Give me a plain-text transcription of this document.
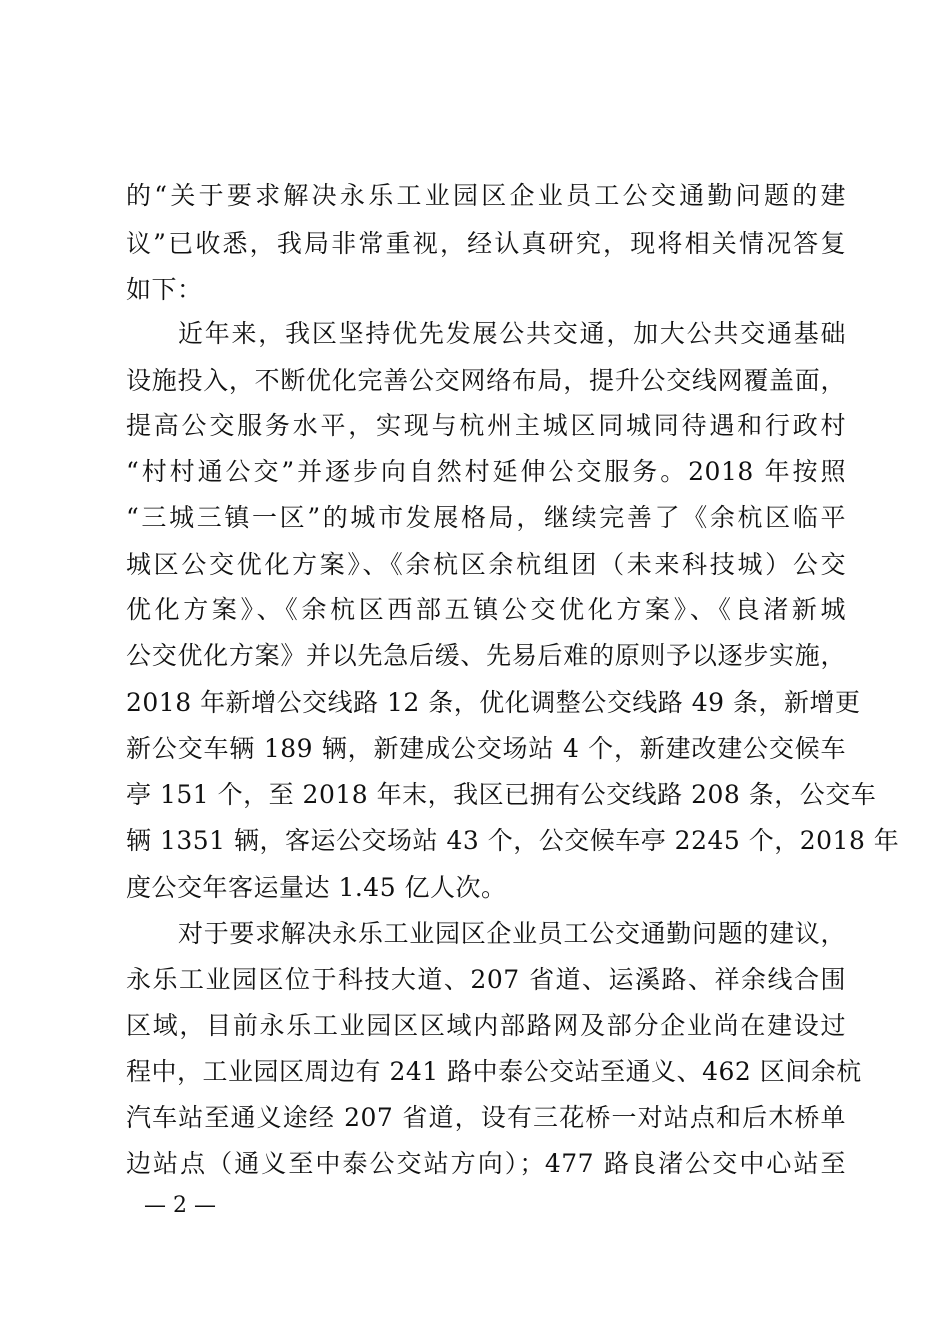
的“关于要求解决永乐工业园区企业员工公交通勤问题的建
议”已收悉，我局非常重视，经认真研究，现将相关情况答复
如下：
近年来，我区坚持优先发展公共交通，加大公共交通基础
设施投入，不断优化完善公交网络布局，提升公交线网覆盖面，
提高公交服务水平，实现与杭州主城区同城同待遇和行政村
“村村通公交”并逐步向自然村延伸公交服务。2018 年按照
“三城三镇一区”的城市发展格局，继续完善了《余杭区临平
城区公交优化方案》、《余杭区余杭组团（未来科技城）公交
优化方案》、《余杭区西部五镇公交优化方案》、《良渚新城
公交优化方案》并以先急后缓、先易后难的原则予以逐步实施，
2018 年新增公交线路 12 条，优化调整公交线路 49 条，新增更
新公交车辆 189 辆，新建成公交场站 4 个，新建改建公交候车
亭 151 个，至 2018 年末，我区已拥有公交线路 208 条，公交车
辆 1351 辆，客运公交场站 43 个，公交候车亭 2245 个，2018 年
度公交年客运量达 1.45 亿人次。
对于要求解决永乐工业园区企业员工公交通勤问题的建议，
永乐工业园区位于科技大道、207 省道、运溪路、祥余线合围
区域，目前永乐工业园区区域内部路网及部分企业尚在建设过
程中，工业园区周边有 241 路中泰公交站至通义、462 区间余杭
汽车站至通义途经 207 省道，设有三花桥一对站点和后木桥单
边站点（通义至中泰公交站方向）；477 路良渚公交中心站至
— 2 —
